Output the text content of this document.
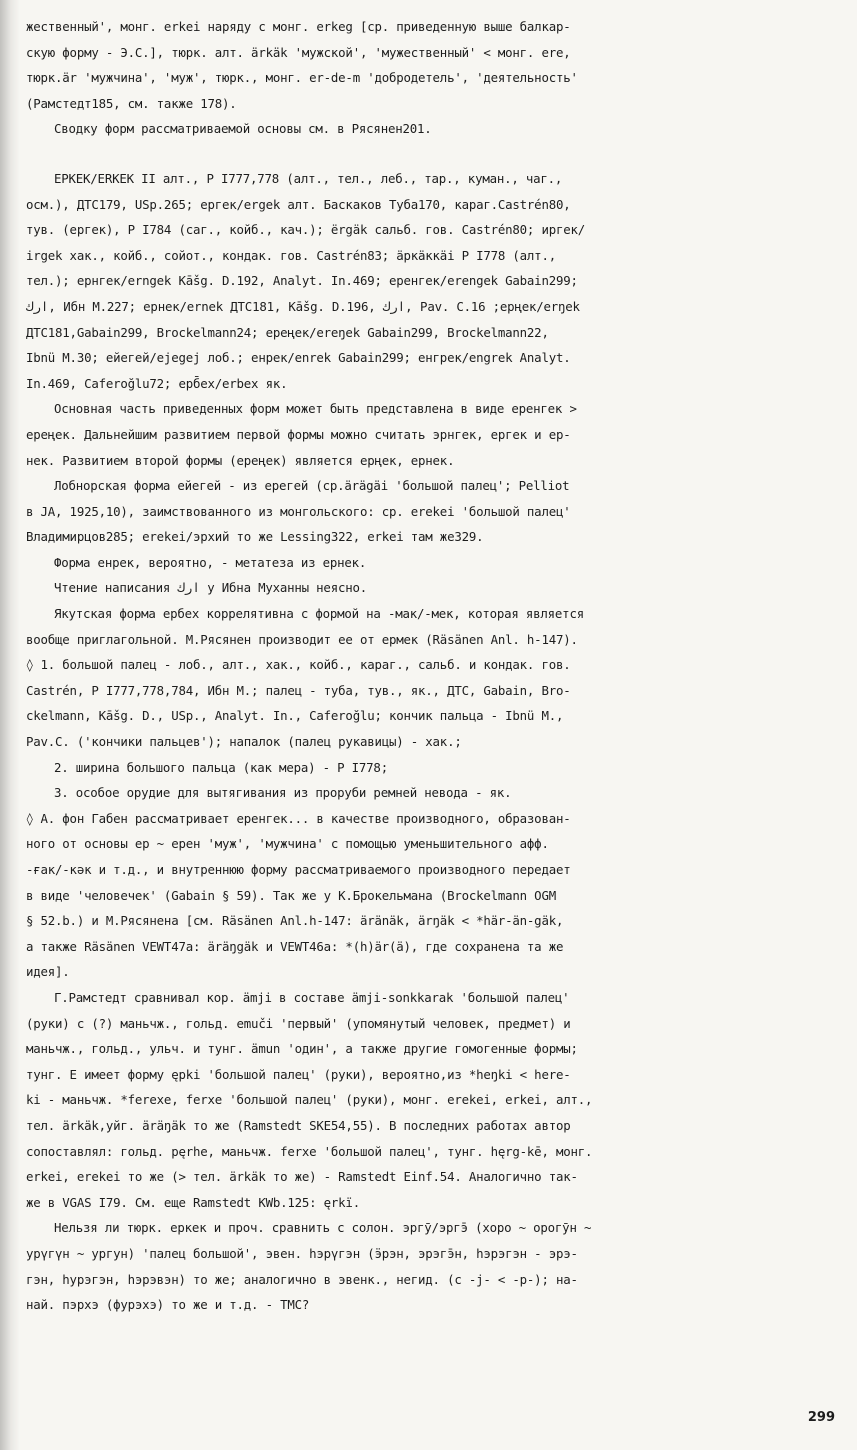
жественный', монг. erkei наряду с монг. erkeg [ср. приведенную выше балкар-
скую форму - Э.С.], тюрк. алт. ärkäk 'мужской', 'мужественный' < монг. ere,
тюрк.är 'мужчина', 'муж', тюрк., монг. er-de-m 'добродетель', 'деятельность'
(Рамстедт185, см. также 178).
Сводку форм рассматриваемой основы см. в Рясянен201.
ЕРКЕК/ERKEK II алт., Р I777,778 (алт., тел., леб., тар., куман., чаг.,
осм.), ДТС179, USp.265; ергек/ergek алт. Баскаков Туба170, караг.Castrén80,
тув. (ергек), Р I784 (саг., койб., кач.); ërgäk сальб. гов. Castrén80; иргек/
irgek хак., койб., сойот., кондак. гов. Castrén83; äркäккäi Р I778 (алт.,
тел.); ернгек/erngek Kāšg. D.192, Analyt. In.469; еренгек/erengek Gabain299;
ارك, Ибн М.227; ернек/ernek ДТС181, Kāšg. D.196, ارك, Pav. C.16 ;ерңек/erŋek
ДТС181,Gabain299, Brockelmann24; ереңек/ereŋek Gabain299, Brockelmann22,
Ibnü M.30; ейегей/ejegej лоб.; енрек/enrek Gabain299; енгрек/engrek Analyt.
In.469, Caferoğlu72; ерб̄ех/erbex як.
Основная часть приведенных форм может быть представлена в виде еренгек >
ереңек. Дальнейшим развитием первой формы можно считать эрнгек, ергек и ер-
нек. Развитием второй формы (ереңек) является ерңек, ернек.
Лобнорская форма ейегей - из ерегей (ср.ärägäi 'большой палец'; Pelliot
в JA, 1925,10), заимствованного из монгольского: ср. erekei 'большой палец'
Владимирцов285; erekei/эрхий то же Lessing322, erkei там же329.
Форма енрек, вероятно, - метатеза из ернек.
Чтение написания ارك у Ибна Муханны неясно.
Якутская форма ербех коррелятивна с формой на -мак/-мек, которая является
вообще приглагольной. М.Рясянен производит ее от ермек (Räsänen Anl. h-147).
◊ 1. большой палец - лоб., алт., хак., койб., караг., сальб. и кондак. гов.
Castrén, Р I777,778,784, Ибн М.; палец - туба, тув., як., ДТС, Gabain, Bro-
ckelmann, Kāšg. D., USp., Analyt. In., Caferoğlu; кончик пальца - Ibnü M.,
Pav.C. ('кончики пальцев'); напалок (палец рукавицы) - хак.;
2. ширина большого пальца (как мера) - Р I778;
3. особое орудие для вытягивания из проруби ремней невода - як.
◊ А. фон Габен рассматривает еренгек... в качестве производного, образован-
ного от основы ер ~ ерен 'муж', 'мужчина' с помощью уменьшительного афф.
-ғак/-кәк и т.д., и внутреннюю форму рассматриваемого производного передает
в виде 'человечек' (Gabain § 59). Так же у К.Брокельмана (Brockelmann OGM
§ 52.b.) и М.Рясянена [см. Räsänen Anl.h-147: äränäk, ärŋäk < *här-än-gäk,
а также Räsänen VEWT47a: äräŋgäk и VEWT46a: *(h)är(ä), где сохранена та же
идея].
Г.Рамстедт сравнивал кор. ämji в составе ämji-sonkkarak 'большой палец'
(руки) с (?) маньчж., гольд. emuči 'первый' (упомянутый человек, предмет) и
маньчж., гольд., ульч. и тунг. ämun 'один', а также другие гомогенные формы;
тунг. Е имеет форму ępki 'большой палец' (руки), вероятно,из *heŋki < here-
ki - маньчж. *ferexe, ferxe 'большой палец' (руки), монг. erekei, erkei, алт.,
тел. ärkäk,уйг. äräŋäk то же (Ramstedt SKE54,55). В последних работах автор
сопоставлял: гольд. pęrhe, маньчж. ferxe 'большой палец', тунг. hęrg-kē, монг.
erkei, erekei то же (> тел. ärkäk то же) - Ramstedt Einf.54. Аналогично так-
же в VGAS I79. См. еще Ramstedt KWb.125: ęrkï.
Нельзя ли тюрк. еркек и проч. сравнить с солон. эргӯ/эргэ̄ (хоро ~ орогӯн ~
урүгүн ~ ургун) 'палец большой', эвен. hэрүгэн (ӭрэн, эрэгэ̄н, hэрэгэн - эрэ-
гэн, hурэгэн, hэрэвэн) то же; аналогично в эвенк., негид. (с -ј- < -р-); на-
най. пэрхэ (фурэхэ) то же и т.д. - ТМС?
299
